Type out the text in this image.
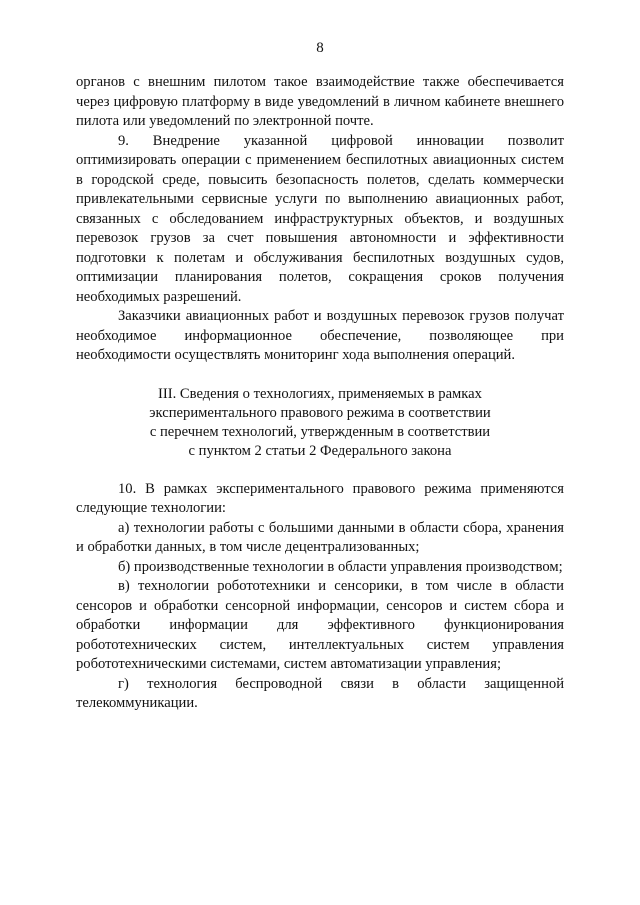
8

органов с внешним пилотом такое взаимодействие также обеспечивается через цифровую платформу в виде уведомлений в личном кабинете внешнего пилота или уведомлений по электронной почте.

9. Внедрение указанной цифровой инновации позволит оптимизировать операции с применением беспилотных авиационных систем в городской среде, повысить безопасность полетов, сделать коммерчески привлекательными сервисные услуги по выполнению авиационных работ, связанных с обследованием инфраструктурных объектов, и воздушных перевозок грузов за счет повышения автономности и эффективности подготовки к полетам и обслуживания беспилотных воздушных судов, оптимизации планирования полетов, сокращения сроков получения необходимых разрешений.

Заказчики авиационных работ и воздушных перевозок грузов получат необходимое информационное обеспечение, позволяющее при необходимости осуществлять мониторинг хода выполнения операций.

III. Сведения о технологиях, применяемых в рамках

экспериментального правового режима в соответствии

с перечнем технологий, утвержденным в соответствии

с пунктом 2 статьи 2 Федерального закона

10. В рамках экспериментального правового режима применяются следующие технологии:

а) технологии работы с большими данными в области сбора, хранения и обработки данных, в том числе децентрализованных;

б) производственные технологии в области управления производством;

в) технологии робототехники и сенсорики, в том числе в области сенсоров и обработки сенсорной информации, сенсоров и систем сбора и обработки информации для эффективного функционирования робототехнических систем, интеллектуальных систем управления робототехническими системами, систем автоматизации управления;

г) технология беспроводной связи в области защищенной телекоммуникации.
